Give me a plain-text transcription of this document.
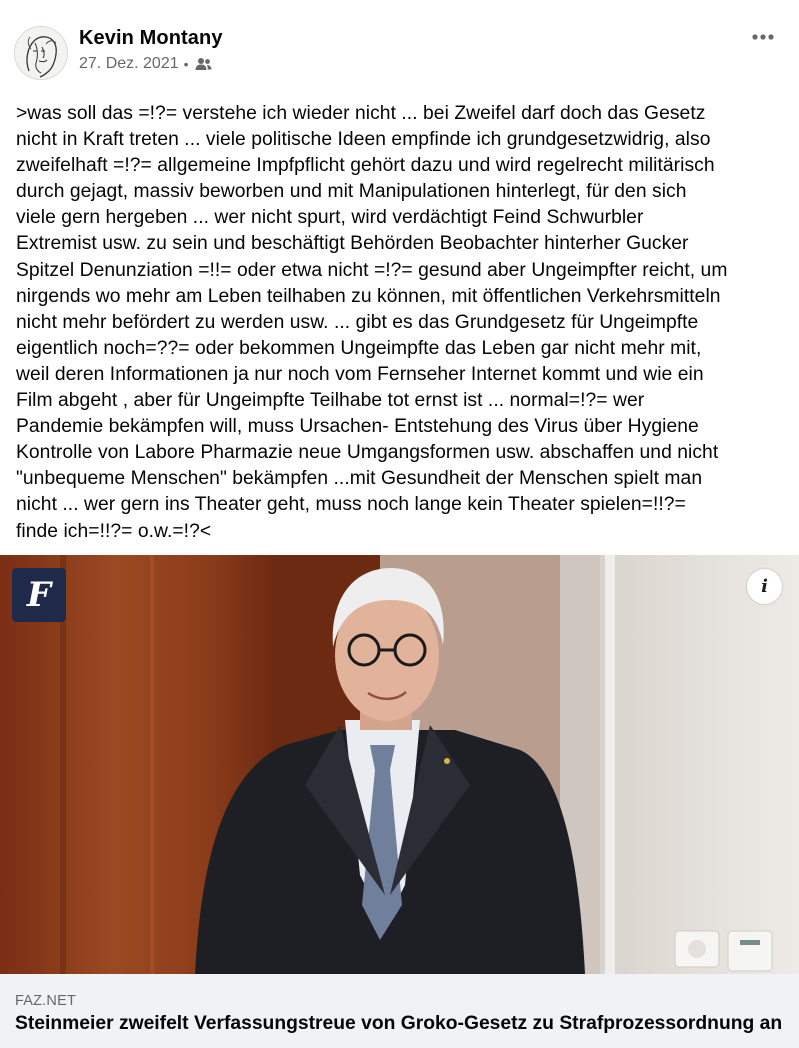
Kevin Montany
27. Dez. 2021 •
>was soll das =!?= verstehe ich wieder nicht ... bei Zweifel darf doch das Gesetz
nicht in Kraft treten ... viele politische Ideen empfinde ich grundgesetzwidrig, also
zweifelhaft =!?= allgemeine Impfpflicht gehört dazu und wird regelrecht militärisch
durch gejagt, massiv beworben und mit Manipulationen hinterlegt, für den sich
viele gern hergeben ... wer nicht spurt, wird verdächtigt Feind Schwurbler
Extremist usw. zu sein und beschäftigt Behörden Beobachter hinterher Gucker
Spitzel Denunziation =!!= oder etwa nicht =!?= gesund aber Ungeimpfter reicht, um
nirgends wo mehr am Leben teilhaben zu können, mit öffentlichen Verkehrsmitteln
nicht mehr befördert zu werden usw. ... gibt es das Grundgesetz für Ungeimpfte
eigentlich noch=??= oder bekommen Ungeimpfte das Leben gar nicht mehr mit,
weil deren Informationen ja nur noch vom Fernseher Internet kommt und wie ein
Film abgeht , aber für Ungeimpfte Teilhabe tot ernst ist ... normal=!?= wer
Pandemie bekämpfen will, muss Ursachen- Entstehung des Virus über Hygiene
Kontrolle von Labore Pharmazie neue Umgangsformen usw. abschaffen und nicht
"unbequeme Menschen" bekämpfen ...mit Gesundheit der Menschen spielt man
nicht ... wer gern ins Theater geht, muss noch lange kein Theater spielen=!!?=
finde ich=!!?= o.w.=!?<
F	i
FAZ.NET
Steinmeier zweifelt Verfassungstreue von Groko-Gesetz zu Strafprozessordnung an
